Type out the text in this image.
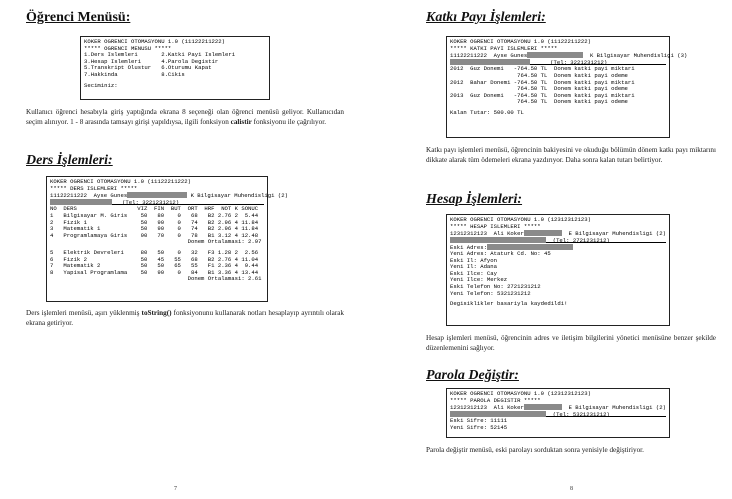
Öğrenci Menüsü:
KOKER OGRENCI OTOMASYONU 1.0 (11122211222)
***** OGRENCI MENUSU *****
1.Ders Islemleri       2.Katki Payi Islemleri
3.Hesap Islemleri      4.Parola Degistir
5.Transkript Olustur   6.Oturumu Kapat
7.Hakkinda             8.Cikis
Seciminiz:
Kullanıcı öğrenci hesabıyla giriş yaptığında ekrana 8 seçeneği olan öğrenci menüsü geliyor. Kullanıcıdan seçim alınıyor. 1 - 8 arasında tamsayı girişi yapıldıysa, ilgili fonksiyon calistir fonksiyonu ile çağrılıyor.
Ders İşlemleri:
KOKER OGRENCI OTOMASYONU 1.0 (11122211222)
***** DERS ISLEMLERI *****
11122211222  Ayse Gunes	K Bilgisayar Muhendisligi (2)
(Tel: 3221231212)
NO  DERS                  VIZ  FIN  BUT  ORT  HRF  NOT K SONUC
1   Bilgisayar M. Giris    50   80    0   68   B2 2.76 2  5.44
2   Fizik 1                50   90    0   74   B2 2.96 4 11.84
3   Matematik 1            50   90    0   74   B2 2.96 4 11.84
4   Programlamaya Giris    90   70    0   78   B1 3.12 4 12.48
Donem Ortalamasi: 2.97
5   Elektrik Devreleri     80   50    0   32   F3 1.28 2  2.56
6   Fizik 2                50   45   55   68   B2 2.76 4 11.04
7   Matematik 2            50   50   65   55   F1 2.36 4  9.44
8   Yapisal Programlama    50   90    0   84   B1 3.36 4 13.44
Donem Ortalamasi: 2.61
Ders işlemleri menüsü, aşırı yüklenmiş toString() fonksiyonunu kullanarak notları hesaplayıp ayrıntılı olarak ekrana getiriyor.
7
Katkı Payı İşlemleri:
KOKER OGRENCI OTOMASYONU 1.0 (11122211222)
***** KATKI PAYI ISLEMLERI *****
11122211222  Ayse Gunes	K Bilgisayar Muhendisligi (3)
(Tel: 3221231212)
2012  Guz Donemi   -764.50 TL  Donem katki payi miktari
764.50 TL  Donem katki payi odeme
2012  Bahar Donemi -764.50 TL  Donem katki payi miktari
764.50 TL  Donem katki payi odeme
2013  Guz Donemi   -764.50 TL  Donem katki payi miktari
764.50 TL  Donem katki payi odeme
Kalan Tutar: 500.00 TL
Katkı payı işlemleri menüsü, öğrencinin bakiyesini ve okuduğu bölümün dönem katkı payı miktarını dikkate alarak tüm ödemeleri ekrana yazdırıyor. Daha sonra kalan tutarı belirtiyor.
Hesap İşlemleri:
KOKER OGRENCI OTOMASYONU 1.0 (12312312123)
***** HESAP ISLEMLERI *****
12312312123  Ali Koker	E Bilgisayar Muhendisligi (2)
(Tel: 2721231212)
Eski Adres:
Yeni Adres: Ataturk Cd. No: 45
Eski Il: Afyon
Yeni Il: Adana
Eski Ilce: Cay
Yeni Ilce: Merkez
Eski Telefon No: 2721231212
Yeni Telefon: 5321231212
Degisiklikler basariyla kaydedildi!
Hesap işlemleri menüsü, öğrencinin adres ve iletişim bilgilerini yönetici menüsüne benzer şekilde düzenlemenini sağlıyor.
Parola Değiştir:
KOKER OGRENCI OTOMASYONU 1.0 (12312312123)
***** PAROLA DEGISTIR *****
12312312123  Ali Koker	E Bilgisayar Muhendisligi (2)
(Tel: 5321231212)
Eski Sifre: 11111
Yeni Sifre: 52145
Parola değiştir menüsü, eski parolayı sorduktan sonra yenisiyle değiştiriyor.
8
